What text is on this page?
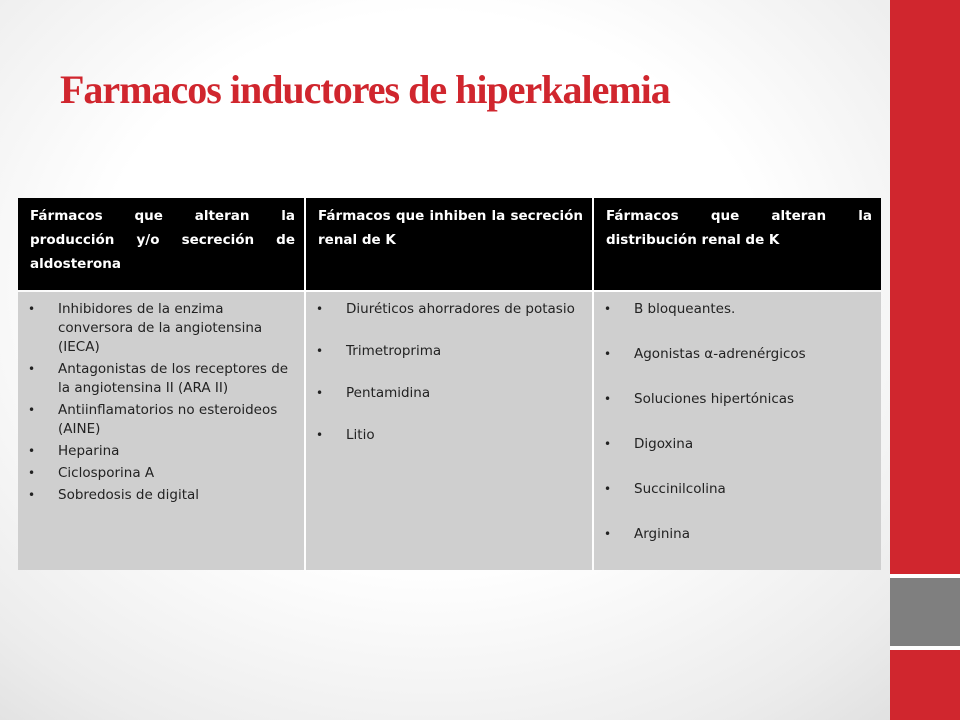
Farmacos inductores de hiperkalemia
Fármacos que alteran la producción y/o secreción de aldosterona
Fármacos que inhiben la secreción renal de K
Fármacos que alteran la distribución renal de K
• Inhibidores de la enzima conversora de la angiotensina (IECA)
• Antagonistas de los receptores de la angiotensina II (ARA II)
• Antiinflamatorios no esteroideos (AINE)
• Heparina
• Ciclosporina A
• Sobredosis de digital
• Diuréticos ahorradores de potasio
• Trimetroprima
• Pentamidina
• Litio
• B bloqueantes.
• Agonistas α-adrenérgicos
• Soluciones hipertónicas
• Digoxina
• Succinilcolina
• Arginina
